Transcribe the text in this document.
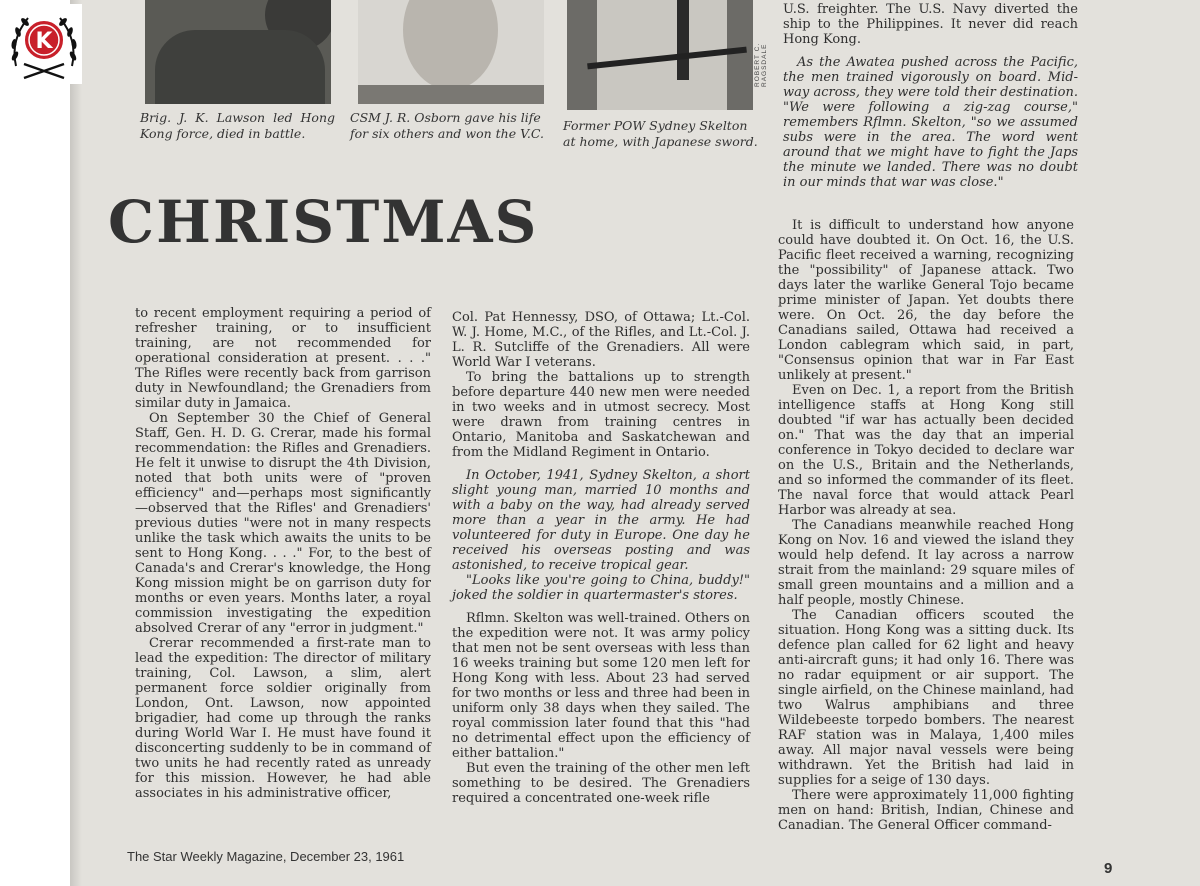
K
ROBERT C. RAGSDALE
Brig. J. K. Lawson led Hong Kong force, died in battle.
CSM J. R. Osborn gave his life for six others and won the V.C.
Former POW Sydney Skelton at home, with Japanese sword.
CHRISTMAS

to recent employment requiring a period of refresher training, or to insufficient training, are not recommended for operational consideration at present. . . ." The Rifles were recently back from garrison duty in Newfoundland; the Grenadiers from similar duty in Jamaica.

On September 30 the Chief of General Staff, Gen. H. D. G. Crerar, made his formal recommendation: the Rifles and Grenadiers. He felt it unwise to disrupt the 4th Division, noted that both units were of "proven efficiency" and—perhaps most significantly—observed that the Rifles' and Grenadiers' previous duties "were not in many respects unlike the task which awaits the units to be sent to Hong Kong. . . ." For, to the best of Canada's and Crerar's knowledge, the Hong Kong mission might be on garrison duty for months or even years. Months later, a royal commission investigating the expedition absolved Crerar of any "error in judgment."

Crerar recommended a first-rate man to lead the expedition: The director of military training, Col. Lawson, a slim, alert permanent force soldier originally from London, Ont. Lawson, now appointed brigadier, had come up through the ranks during World War I. He must have found it disconcerting suddenly to be in command of two units he had recently rated as unready for this mission. However, he had able associates in his administrative officer,

Col. Pat Hennessy, DSO, of Ottawa; Lt.-Col. W. J. Home, M.C., of the Rifles, and Lt.-Col. J. L. R. Sutcliffe of the Grenadiers. All were World War I veterans.

To bring the battalions up to strength before departure 440 new men were needed in two weeks and in utmost secrecy. Most were drawn from training centres in Ontario, Manitoba and Saskatchewan and from the Midland Regiment in Ontario.

In October, 1941, Sydney Skelton, a short slight young man, married 10 months and with a baby on the way, had already served more than a year in the army. He had volunteered for duty in Europe. One day he received his overseas posting and was astonished, to receive tropical gear.

"Looks like you're going to China, buddy!" joked the soldier in quartermaster's stores.

Rflmn. Skelton was well-trained. Others on the expedition were not. It was army policy that men not be sent overseas with less than 16 weeks training but some 120 men left for Hong Kong with less. About 23 had served for two months or less and three had been in uniform only 38 days when they sailed. The royal commission later found that this "had no detrimental effect upon the efficiency of either battalion."

But even the training of the other men left something to be desired. The Grenadiers required a concentrated one-week rifle

U.S. freighter. The U.S. Navy diverted the ship to the Philippines. It never did reach Hong Kong.

As the Awatea pushed across the Pacific, the men trained vigorously on board. Mid-way across, they were told their destination. "We were following a zig-zag course," remembers Rflmn. Skelton, "so we assumed subs were in the area. The word went around that we might have to fight the Japs the minute we landed. There was no doubt in our minds that war was close."

It is difficult to understand how anyone could have doubted it. On Oct. 16, the U.S. Pacific fleet received a warning, recognizing the "possibility" of Japanese attack. Two days later the warlike General Tojo became prime minister of Japan. Yet doubts there were. On Oct. 26, the day before the Canadians sailed, Ottawa had received a London cablegram which said, in part, "Consensus opinion that war in Far East unlikely at present."

Even on Dec. 1, a report from the British intelligence staffs at Hong Kong still doubted "if war has actually been decided on." That was the day that an imperial conference in Tokyo decided to declare war on the U.S., Britain and the Netherlands, and so informed the commander of its fleet. The naval force that would attack Pearl Harbor was already at sea.

The Canadians meanwhile reached Hong Kong on Nov. 16 and viewed the island they would help defend. It lay across a narrow strait from the mainland: 29 square miles of small green mountains and a million and a half people, mostly Chinese.

The Canadian officers scouted the situation. Hong Kong was a sitting duck. Its defence plan called for 62 light and heavy anti-aircraft guns; it had only 16. There was no radar equipment or air support. The single airfield, on the Chinese mainland, had two Walrus amphibians and three Wildebeeste torpedo bombers. The nearest RAF station was in Malaya, 1,400 miles away. All major naval vessels were being withdrawn. Yet the British had laid in supplies for a seige of 130 days.

There were approximately 11,000 fighting men on hand: British, Indian, Chinese and Canadian. The General Officer command-

The Star Weekly Magazine, December 23, 1961
9
